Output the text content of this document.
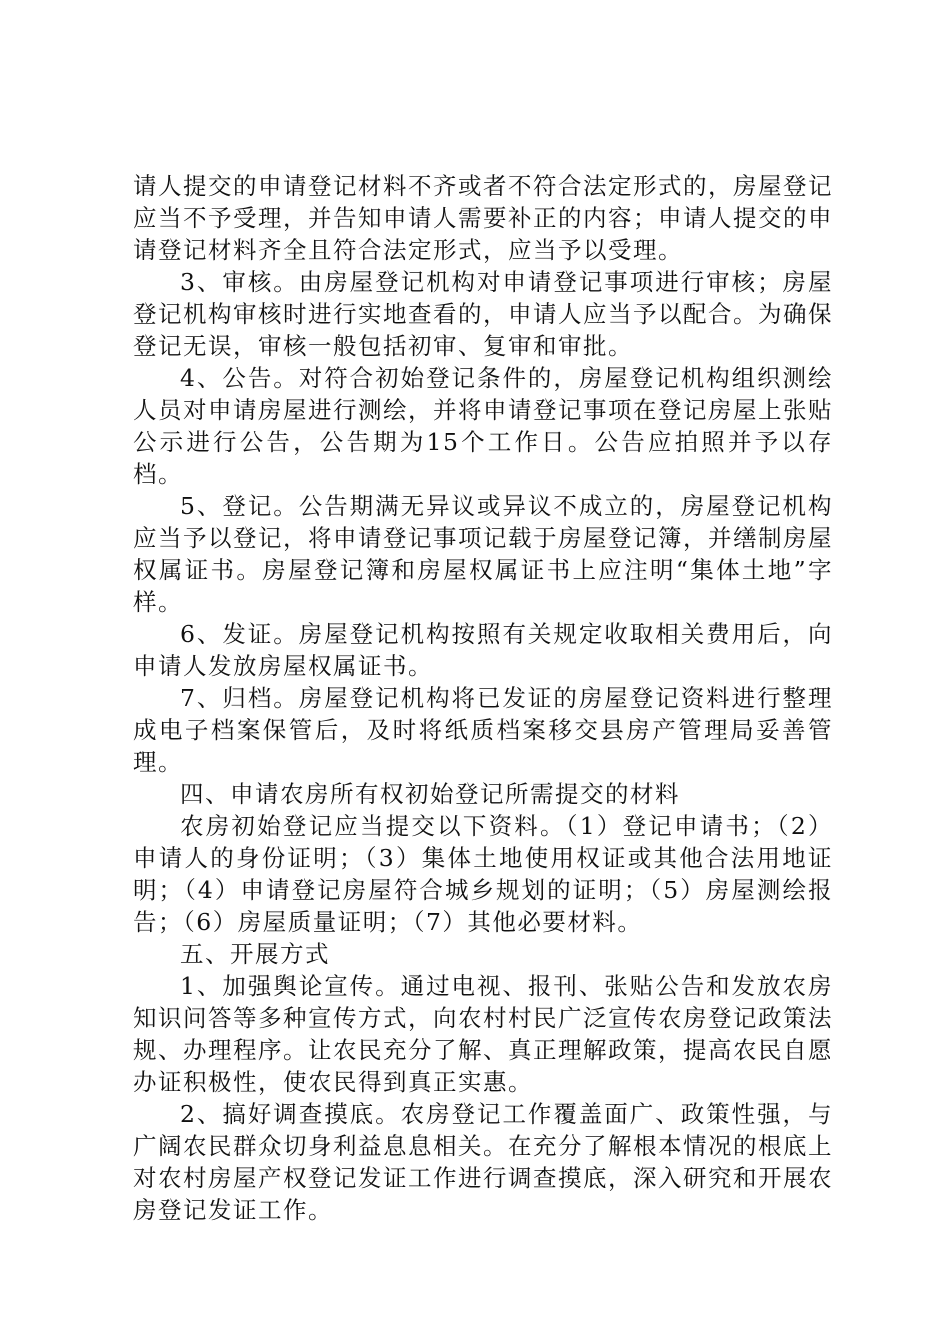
请人提交的申请登记材料不齐或者不符合法定形式的，房屋登记应当不予受理，并告知申请人需要补正的内容；申请人提交的申请登记材料齐全且符合法定形式，应当予以受理。

3、审核。由房屋登记机构对申请登记事项进行审核；房屋登记机构审核时进行实地查看的，申请人应当予以配合。为确保登记无误，审核一般包括初审、复审和审批。

4、公告。对符合初始登记条件的，房屋登记机构组织测绘人员对申请房屋进行测绘，并将申请登记事项在登记房屋上张贴公示进行公告，公告期为15个工作日。公告应拍照并予以存档。

5、登记。公告期满无异议或异议不成立的，房屋登记机构应当予以登记，将申请登记事项记载于房屋登记簿，并缮制房屋权属证书。房屋登记簿和房屋权属证书上应注明“集体土地”字样。

6、发证。房屋登记机构按照有关规定收取相关费用后，向申请人发放房屋权属证书。

7、归档。房屋登记机构将已发证的房屋登记资料进行整理成电子档案保管后，及时将纸质档案移交县房产管理局妥善管理。

四、申请农房所有权初始登记所需提交的材料

农房初始登记应当提交以下资料。（1）登记申请书；（2）申请人的身份证明；（3）集体土地使用权证或其他合法用地证明；（4）申请登记房屋符合城乡规划的证明；（5）房屋测绘报告；（6）房屋质量证明；（7）其他必要材料。

五、开展方式

1、加强舆论宣传。通过电视、报刊、张贴公告和发放农房知识问答等多种宣传方式，向农村村民广泛宣传农房登记政策法规、办理程序。让农民充分了解、真正理解政策，提高农民自愿办证积极性，使农民得到真正实惠。

2、搞好调查摸底。农房登记工作覆盖面广、政策性强，与广阔农民群众切身利益息息相关。在充分了解根本情况的根底上对农村房屋产权登记发证工作进行调查摸底，深入研究和开展农房登记发证工作。
